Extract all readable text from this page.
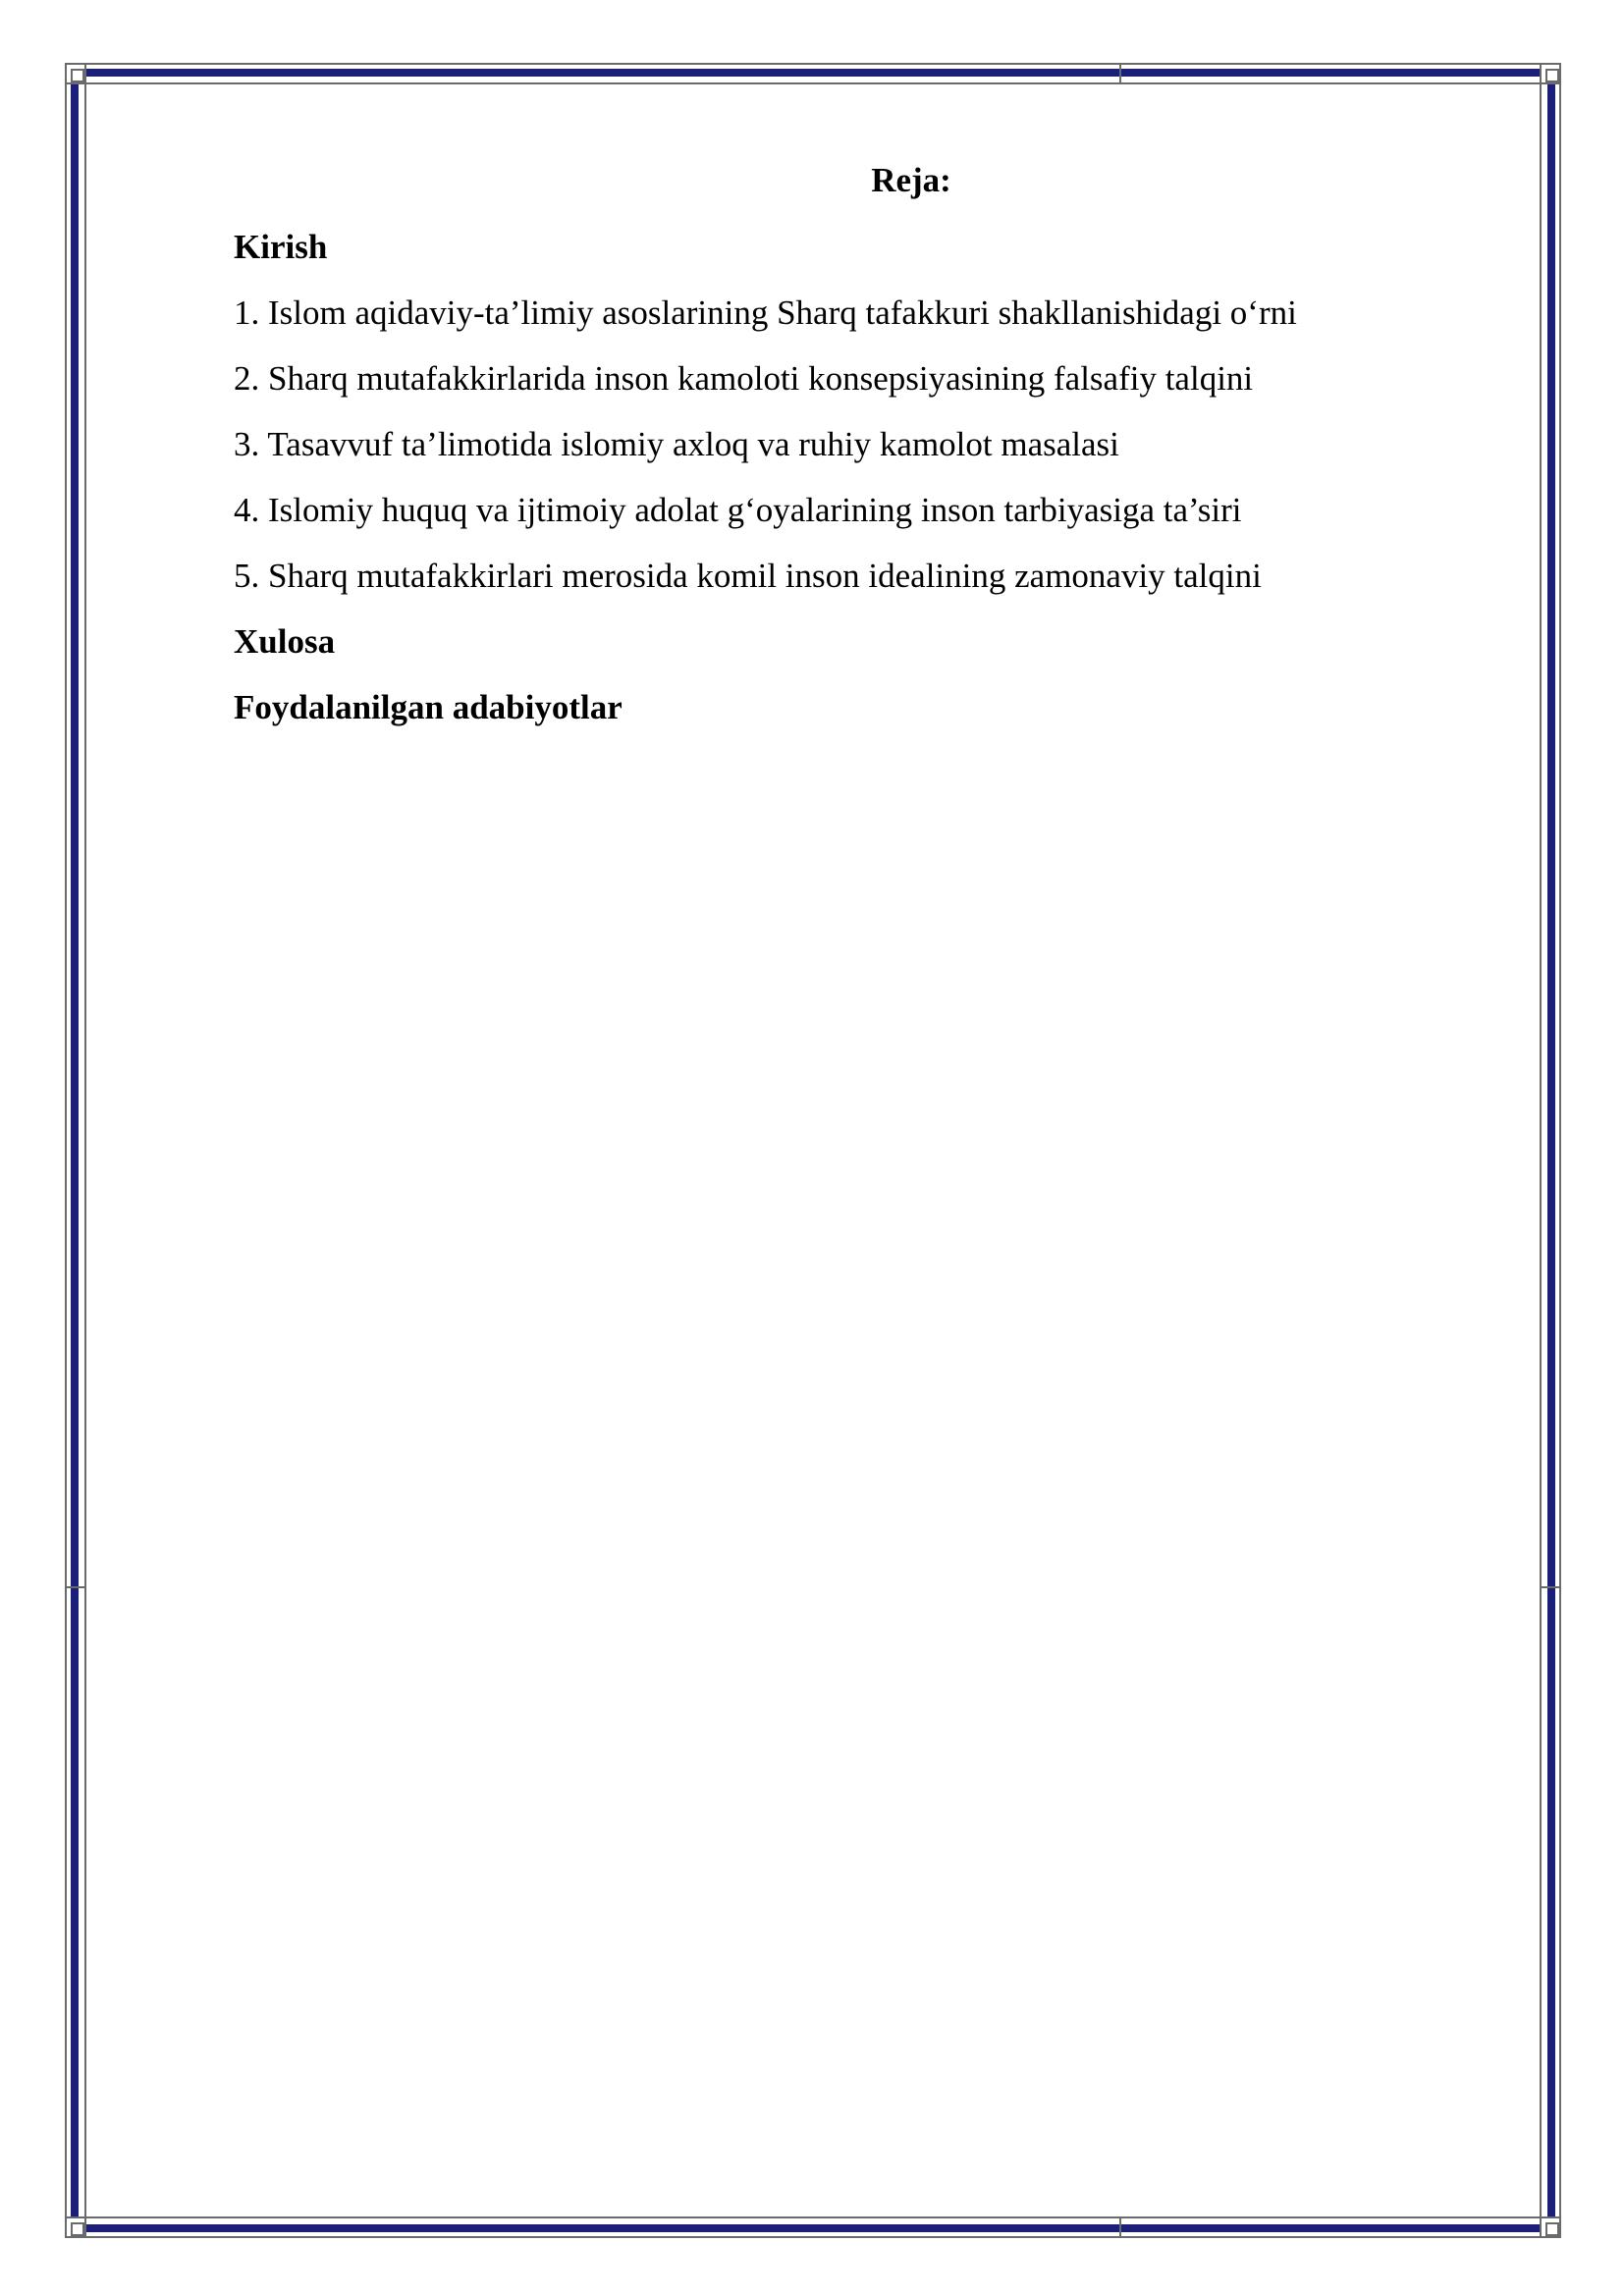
Reja:

Kirish

1. Islom aqidaviy-ta’limiy asoslarining Sharq tafakkuri shakllanishidagi o‘rni

2. Sharq mutafakkirlarida inson kamoloti konsepsiyasining falsafiy talqini

3. Tasavvuf ta’limotida islomiy axloq va ruhiy kamolot masalasi

4. Islomiy huquq va ijtimoiy adolat g‘oyalarining inson tarbiyasiga ta’siri

5. Sharq mutafakkirlari merosida komil inson idealining zamonaviy talqini

Xulosa

Foydalanilgan adabiyotlar
